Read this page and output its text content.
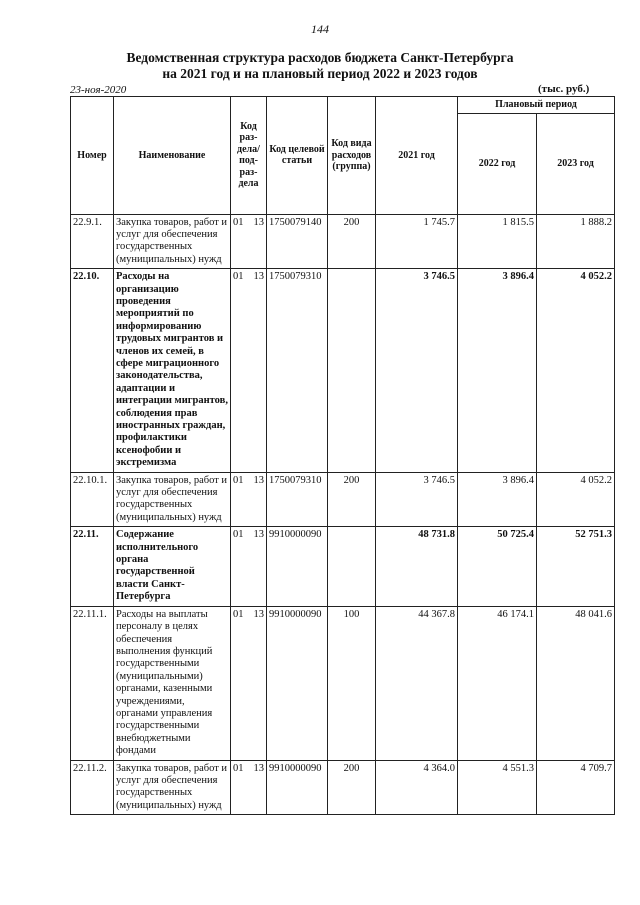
144
Ведомственная структура расходов бюджета Санкт-Петербурга
на 2021 год и на плановый период 2022 и 2023 годов
23-ноя-2020	(тыс. руб.)
Номер	Наименование	Код раз-дела/ под-раз-дела	Код целевой статьи	Код вида расходов (группа)	2021 год	Плановый период	
						2022 год	2023 год
22.9.1.	Закупка товаров, работ и услуг для обеспечения государственных (муниципальных) нужд	01 13	1750079140	200	1 745.7	1 815.5	1 888.2
22.10.	Расходы на организацию проведения мероприятий по информированию трудовых мигрантов и членов их семей, в сфере миграционного законодательства, адаптации и интеграции мигрантов, соблюдения прав иностранных граждан, профилактики ксенофобии и экстремизма	01 13	1750079310		3 746.5	3 896.4	4 052.2
22.10.1.	Закупка товаров, работ и услуг для обеспечения государственных (муниципальных) нужд	01 13	1750079310	200	3 746.5	3 896.4	4 052.2
22.11.	Содержание исполнительного органа государственной власти Санкт-Петербурга	01 13	9910000090		48 731.8	50 725.4	52 751.3
22.11.1.	Расходы на выплаты персоналу в целях обеспечения выполнения функций государственными (муниципальными) органами, казенными учреждениями, органами управления государственными внебюджетными фондами	01 13	9910000090	100	44 367.8	46 174.1	48 041.6
22.11.2.	Закупка товаров, работ и услуг для обеспечения государственных (муниципальных) нужд	01 13	9910000090	200	4 364.0	4 551.3	4 709.7
